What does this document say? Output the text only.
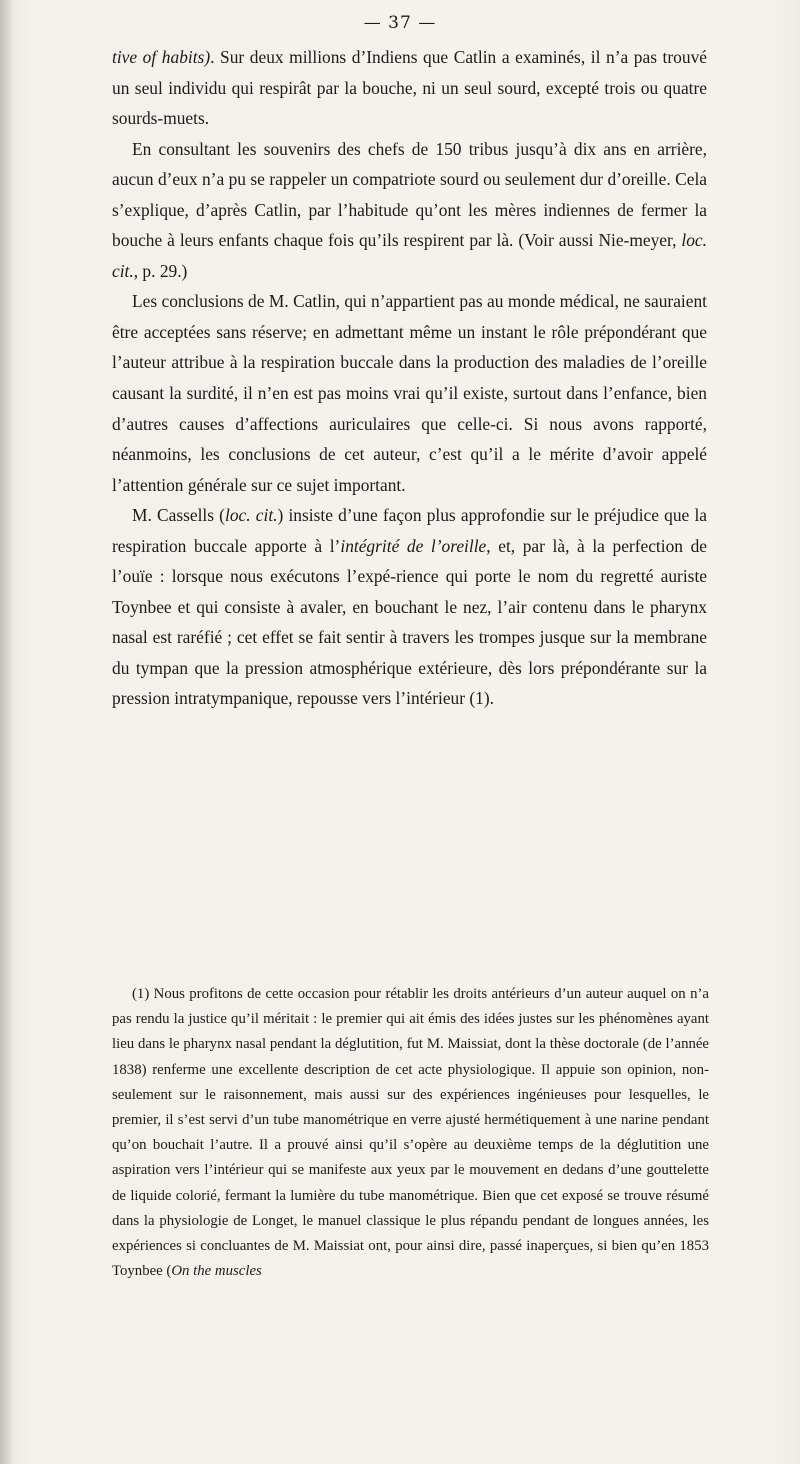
— 37 —

tive of habits). Sur deux millions d’Indiens que Catlin a examinés, il n’a pas trouvé un seul individu qui respirât par la bouche, ni un seul sourd, excepté trois ou quatre sourds-muets.

En consultant les souvenirs des chefs de 150 tribus jusqu’à dix ans en arrière, aucun d’eux n’a pu se rappeler un compatriote sourd ou seulement dur d’oreille. Cela s’explique, d’après Catlin, par l’habitude qu’ont les mères indiennes de fermer la bouche à leurs enfants chaque fois qu’ils respirent par là. (Voir aussi Nie-meyer, loc. cit., p. 29.)

Les conclusions de M. Catlin, qui n’appartient pas au monde médical, ne sauraient être acceptées sans réserve; en admettant même un instant le rôle prépondérant que l’auteur attribue à la respiration buccale dans la production des maladies de l’oreille causant la surdité, il n’en est pas moins vrai qu’il existe, surtout dans l’enfance, bien d’autres causes d’affections auriculaires que celle-ci. Si nous avons rapporté, néanmoins, les conclusions de cet auteur, c’est qu’il a le mérite d’avoir appelé l’attention générale sur ce sujet important.

M. Cassells (loc. cit.) insiste d’une façon plus approfondie sur le préjudice que la respiration buccale apporte à l’intégrité de l’oreille, et, par là, à la perfection de l’ouïe : lorsque nous exécutons l’expé-rience qui porte le nom du regretté auriste Toynbee et qui consiste à avaler, en bouchant le nez, l’air contenu dans le pharynx nasal est raréfié ; cet effet se fait sentir à travers les trompes jusque sur la membrane du tympan que la pression atmosphérique extérieure, dès lors prépondérante sur la pression intratympanique, repousse vers l’intérieur (1).

(1) Nous profitons de cette occasion pour rétablir les droits antérieurs d’un auteur auquel on n’a pas rendu la justice qu’il méritait : le premier qui ait émis des idées justes sur les phénomènes ayant lieu dans le pharynx nasal pendant la déglutition, fut M. Maissiat, dont la thèse doctorale (de l’année 1838) renferme une excellente description de cet acte physiologique. Il appuie son opinion, non-seulement sur le raisonnement, mais aussi sur des expériences ingénieuses pour lesquelles, le premier, il s’est servi d’un tube manométrique en verre ajusté hermétiquement à une narine pendant qu’on bouchait l’autre. Il a prouvé ainsi qu’il s’opère au deuxième temps de la déglutition une aspiration vers l’intérieur qui se manifeste aux yeux par le mouvement en dedans d’une gouttelette de liquide colorié, fermant la lumière du tube manométrique. Bien que cet exposé se trouve résumé dans la physiologie de Longet, le manuel classique le plus répandu pendant de longues années, les expériences si concluantes de M. Maissiat ont, pour ainsi dire, passé inaperçues, si bien qu’en 1853 Toynbee (On the muscles
